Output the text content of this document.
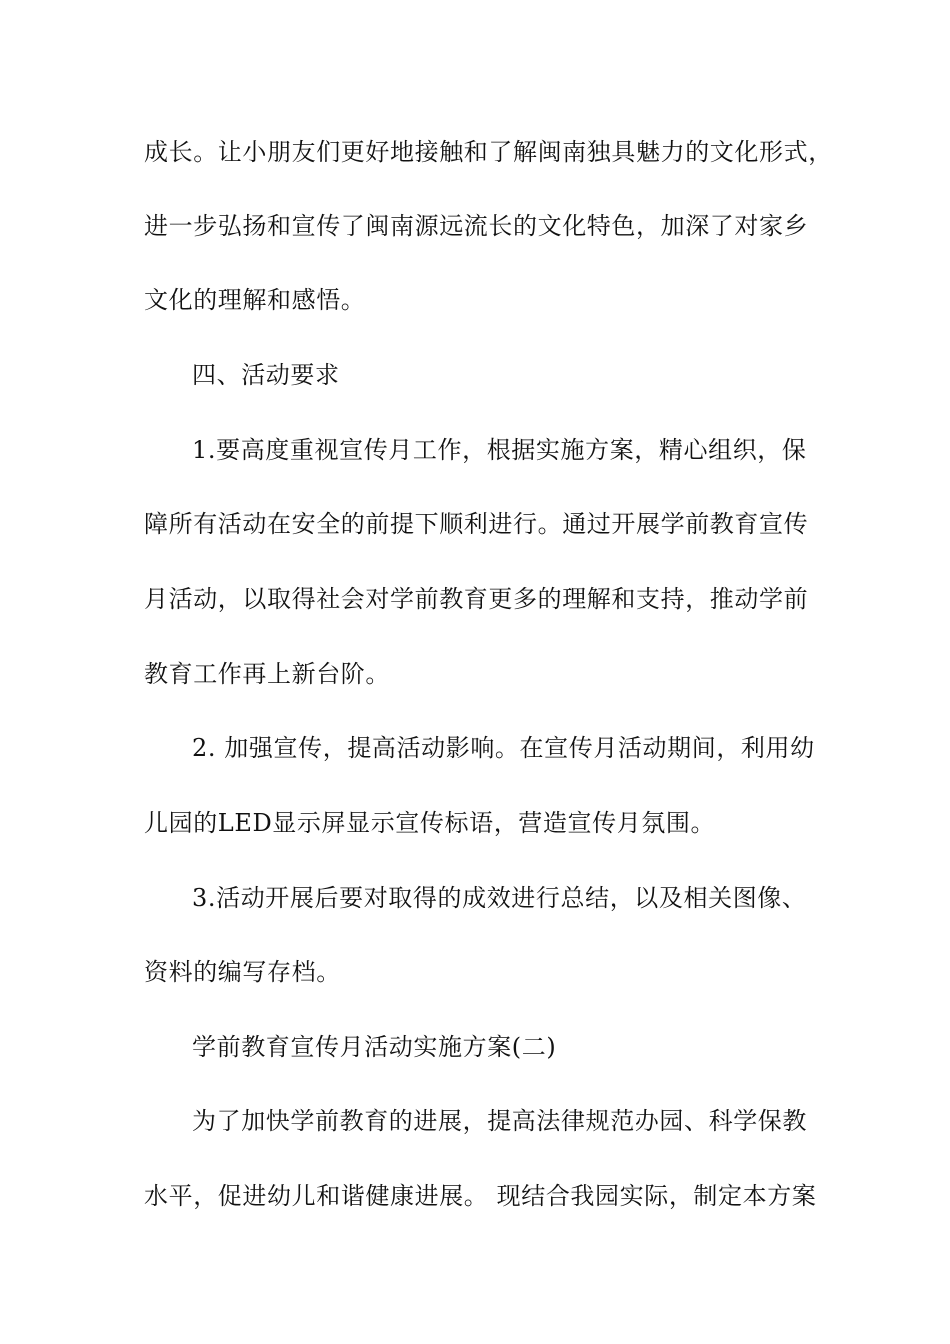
成长。让小朋友们更好地接触和了解闽南独具魅力的文化形式，
进一步弘扬和宣传了闽南源远流长的文化特色，加深了对家乡
文化的理解和感悟。
四、活动要求
1.要高度重视宣传月工作，根据实施方案，精心组织，保
障所有活动在安全的前提下顺利进行。通过开展学前教育宣传
月活动，以取得社会对学前教育更多的理解和支持，推动学前
教育工作再上新台阶。
2. 加强宣传，提高活动影响。在宣传月活动期间，利用幼
儿园的LED显示屏显示宣传标语，营造宣传月氛围。
3.活动开展后要对取得的成效进行总结，以及相关图像、
资料的编写存档。
学前教育宣传月活动实施方案(二)
为了加快学前教育的进展，提高法律规范办园、科学保教
水平，促进幼儿和谐健康进展。 现结合我园实际，制定本方案
